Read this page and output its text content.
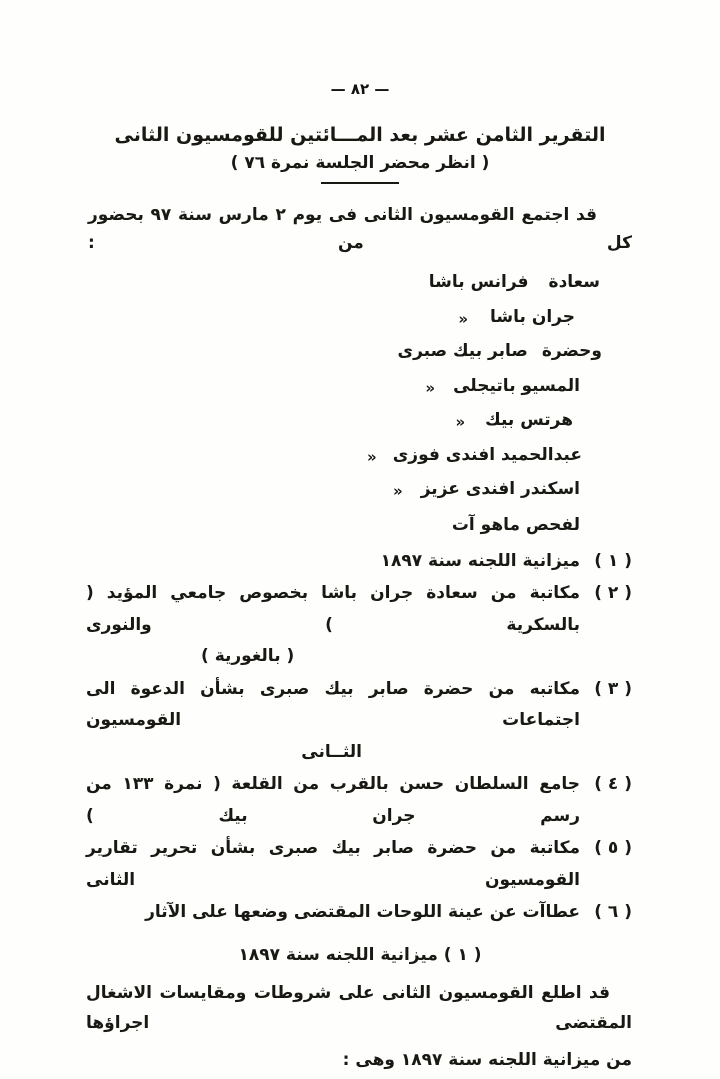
— ٨٢ —
التقرير الثامن عشر بعد المـــائتين للقومسيون الثانى
( انظر محضر الجلسة نمرة ٧٦ )

قد اجتمع القومسيون الثانى فى يوم ٢ مارس سنة ٩٧ بحضور كل من :

سعادة
فرانس باشا
جران باشا
«
وحضرة
صابر بيك صبرى
المسيو باتيجلى
«
هرتس بيك
«
عبدالحميد افندى فوزى
«
اسكندر افندى عزيز
«
لفحص ماهو آت
( ١ )
ميزانية اللجنه سنة ١٨٩٧
( ٢ )
مكاتبة من سعادة جران باشا بخصوص جامعي المؤيد ( بالسكرية ) والنورى
( بالغورية )
( ٣ )
مكاتبه من حضرة صابر بيك صبرى بشأن الدعوة الى اجتماعات القومسيون
الثــانى
( ٤ )
جامع السلطان حسن بالقرب من القلعة ( نمرة ١٣٣ من رسم جران بيك )
( ٥ )
مكاتبة من حضرة صابر بيك صبرى بشأن تحرير تقارير القومسيون الثانى
( ٦ )
عطاآت عن عينة اللوحات المقتضى وضعها على الآثار
( ١ ) ميزانية اللجنه سنة ١٨٩٧

قد اطلع القومسيون الثانى على شروطات ومقايسات الاشغال المقتضى اجراؤها

من ميزانية اللجنه سنة ١٨٩٧ وهى :
